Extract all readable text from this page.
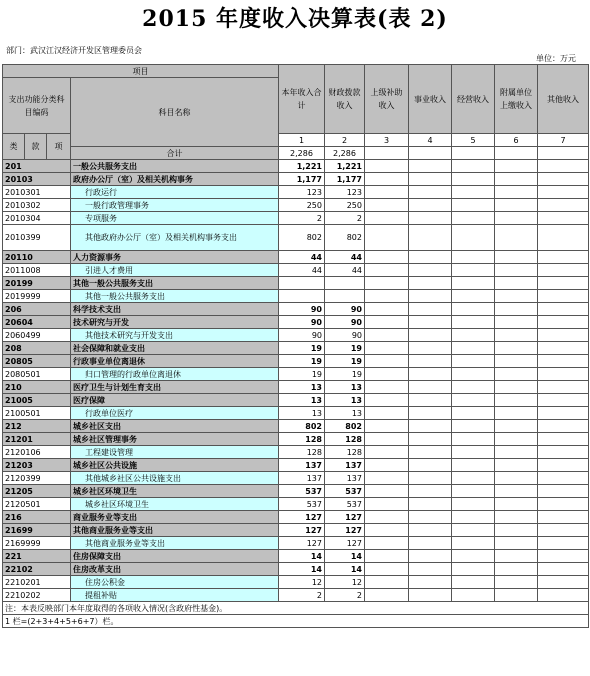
2015 年度收入决算表(表 2)
部门：武汉江汉经济开发区管理委员会
单位：万元
项目				本年收入合计	财政拨款收入	上级补助收入	事业收入	经营收入	附属单位上缴收入	其他收入
支出功能分类科目编码			科目名称							
类	款	项								
				1	2	3	4	5	6	7
			合计	2,286	2,286					
201			一般公共服务支出	1,221	1,221					
20103			政府办公厅（室）及相关机构事务	1,177	1,177					
2010301			行政运行	123	123					
2010302			一般行政管理事务	250	250					
2010304			专项服务	2	2					
2010399			其他政府办公厅（室）及相关机构事务支出	802	802					
20110			人力资源事务	44	44					
2011008			引进人才费用	44	44					
20199			其他一般公共服务支出							
2019999			其他一般公共服务支出							
206			科学技术支出	90	90					
20604			技术研究与开发	90	90					
2060499			其他技术研究与开发支出	90	90					
208			社会保障和就业支出	19	19					
20805			行政事业单位离退休	19	19					
2080501			归口管理的行政单位离退休	19	19					
210			医疗卫生与计划生育支出	13	13					
21005			医疗保障	13	13					
2100501			行政单位医疗	13	13					
212			城乡社区支出	802	802					
21201			城乡社区管理事务	128	128					
2120106			工程建设管理	128	128					
21203			城乡社区公共设施	137	137					
2120399			其他城乡社区公共设施支出	137	137					
21205			城乡社区环境卫生	537	537					
2120501			城乡社区环境卫生	537	537					
216			商业服务业等支出	127	127					
21699			其他商业服务业等支出	127	127					
2169999			其他商业服务业等支出	127	127					
221			住房保障支出	14	14					
22102			住房改革支出	14	14					
2210201			住房公积金	12	12					
2210202			提租补贴	2	2					
注：本表反映部门本年度取得的各项收入情况(含政府性基金)。										
1 栏=(2+3+4+5+6+7）栏。										
